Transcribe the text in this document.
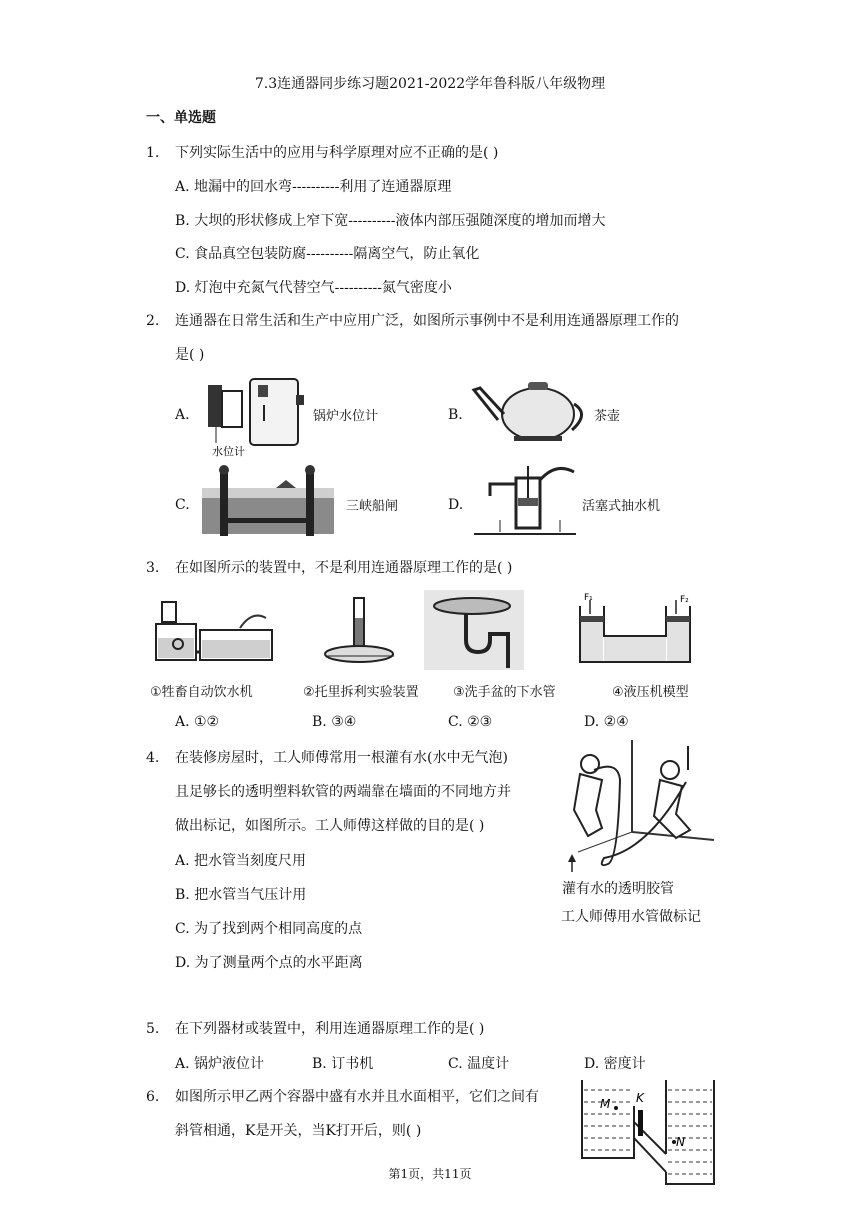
7.3连通器同步练习题2021-2022学年鲁科版八年级物理
一、单选题
1. 下列实际生活中的应用与科学原理对应不正确的是( )
A. 地漏中的回水弯----------利用了连通器原理
B. 大坝的形状修成上窄下宽----------液体内部压强随深度的增加而增大
C. 食品真空包装防腐----------隔离空气，防止氧化
D. 灯泡中充氮气代替空气----------氮气密度小
2. 连通器在日常生活和生产中应用广泛，如图所示事例中不是利用连通器原理工作的
是( )
A.
水位计
锅炉水位计	B.	茶壶
C.	三峡船闸	D.	活塞式抽水机
3. 在如图所示的装置中，不是利用连通器原理工作的是( )
F₁	F₂
①牲畜自动饮水机	②托里拆利实验装置	③洗手盆的下水管	④液压机模型
A. ①②	B. ③④	C. ②③	D. ②④
4. 在装修房屋时，工人师傅常用一根灌有水(水中无气泡)
且足够长的透明塑料软管的两端靠在墙面的不同地方并
做出标记，如图所示。工人师傅这样做的目的是( )
A. 把水管当刻度尺用
B. 把水管当气压计用
C. 为了找到两个相同高度的点
D. 为了测量两个点的水平距离
灌有水的透明胶管
工人师傅用水管做标记
5. 在下列器材或装置中，利用连通器原理工作的是( )
A. 锅炉液位计	B. 订书机	C. 温度计	D. 密度计
6. 如图所示甲乙两个容器中盛有水并且水面相平，它们之间有
斜管相通，K是开关，当K打开后，则( )
M K
N
第1页，共11页
